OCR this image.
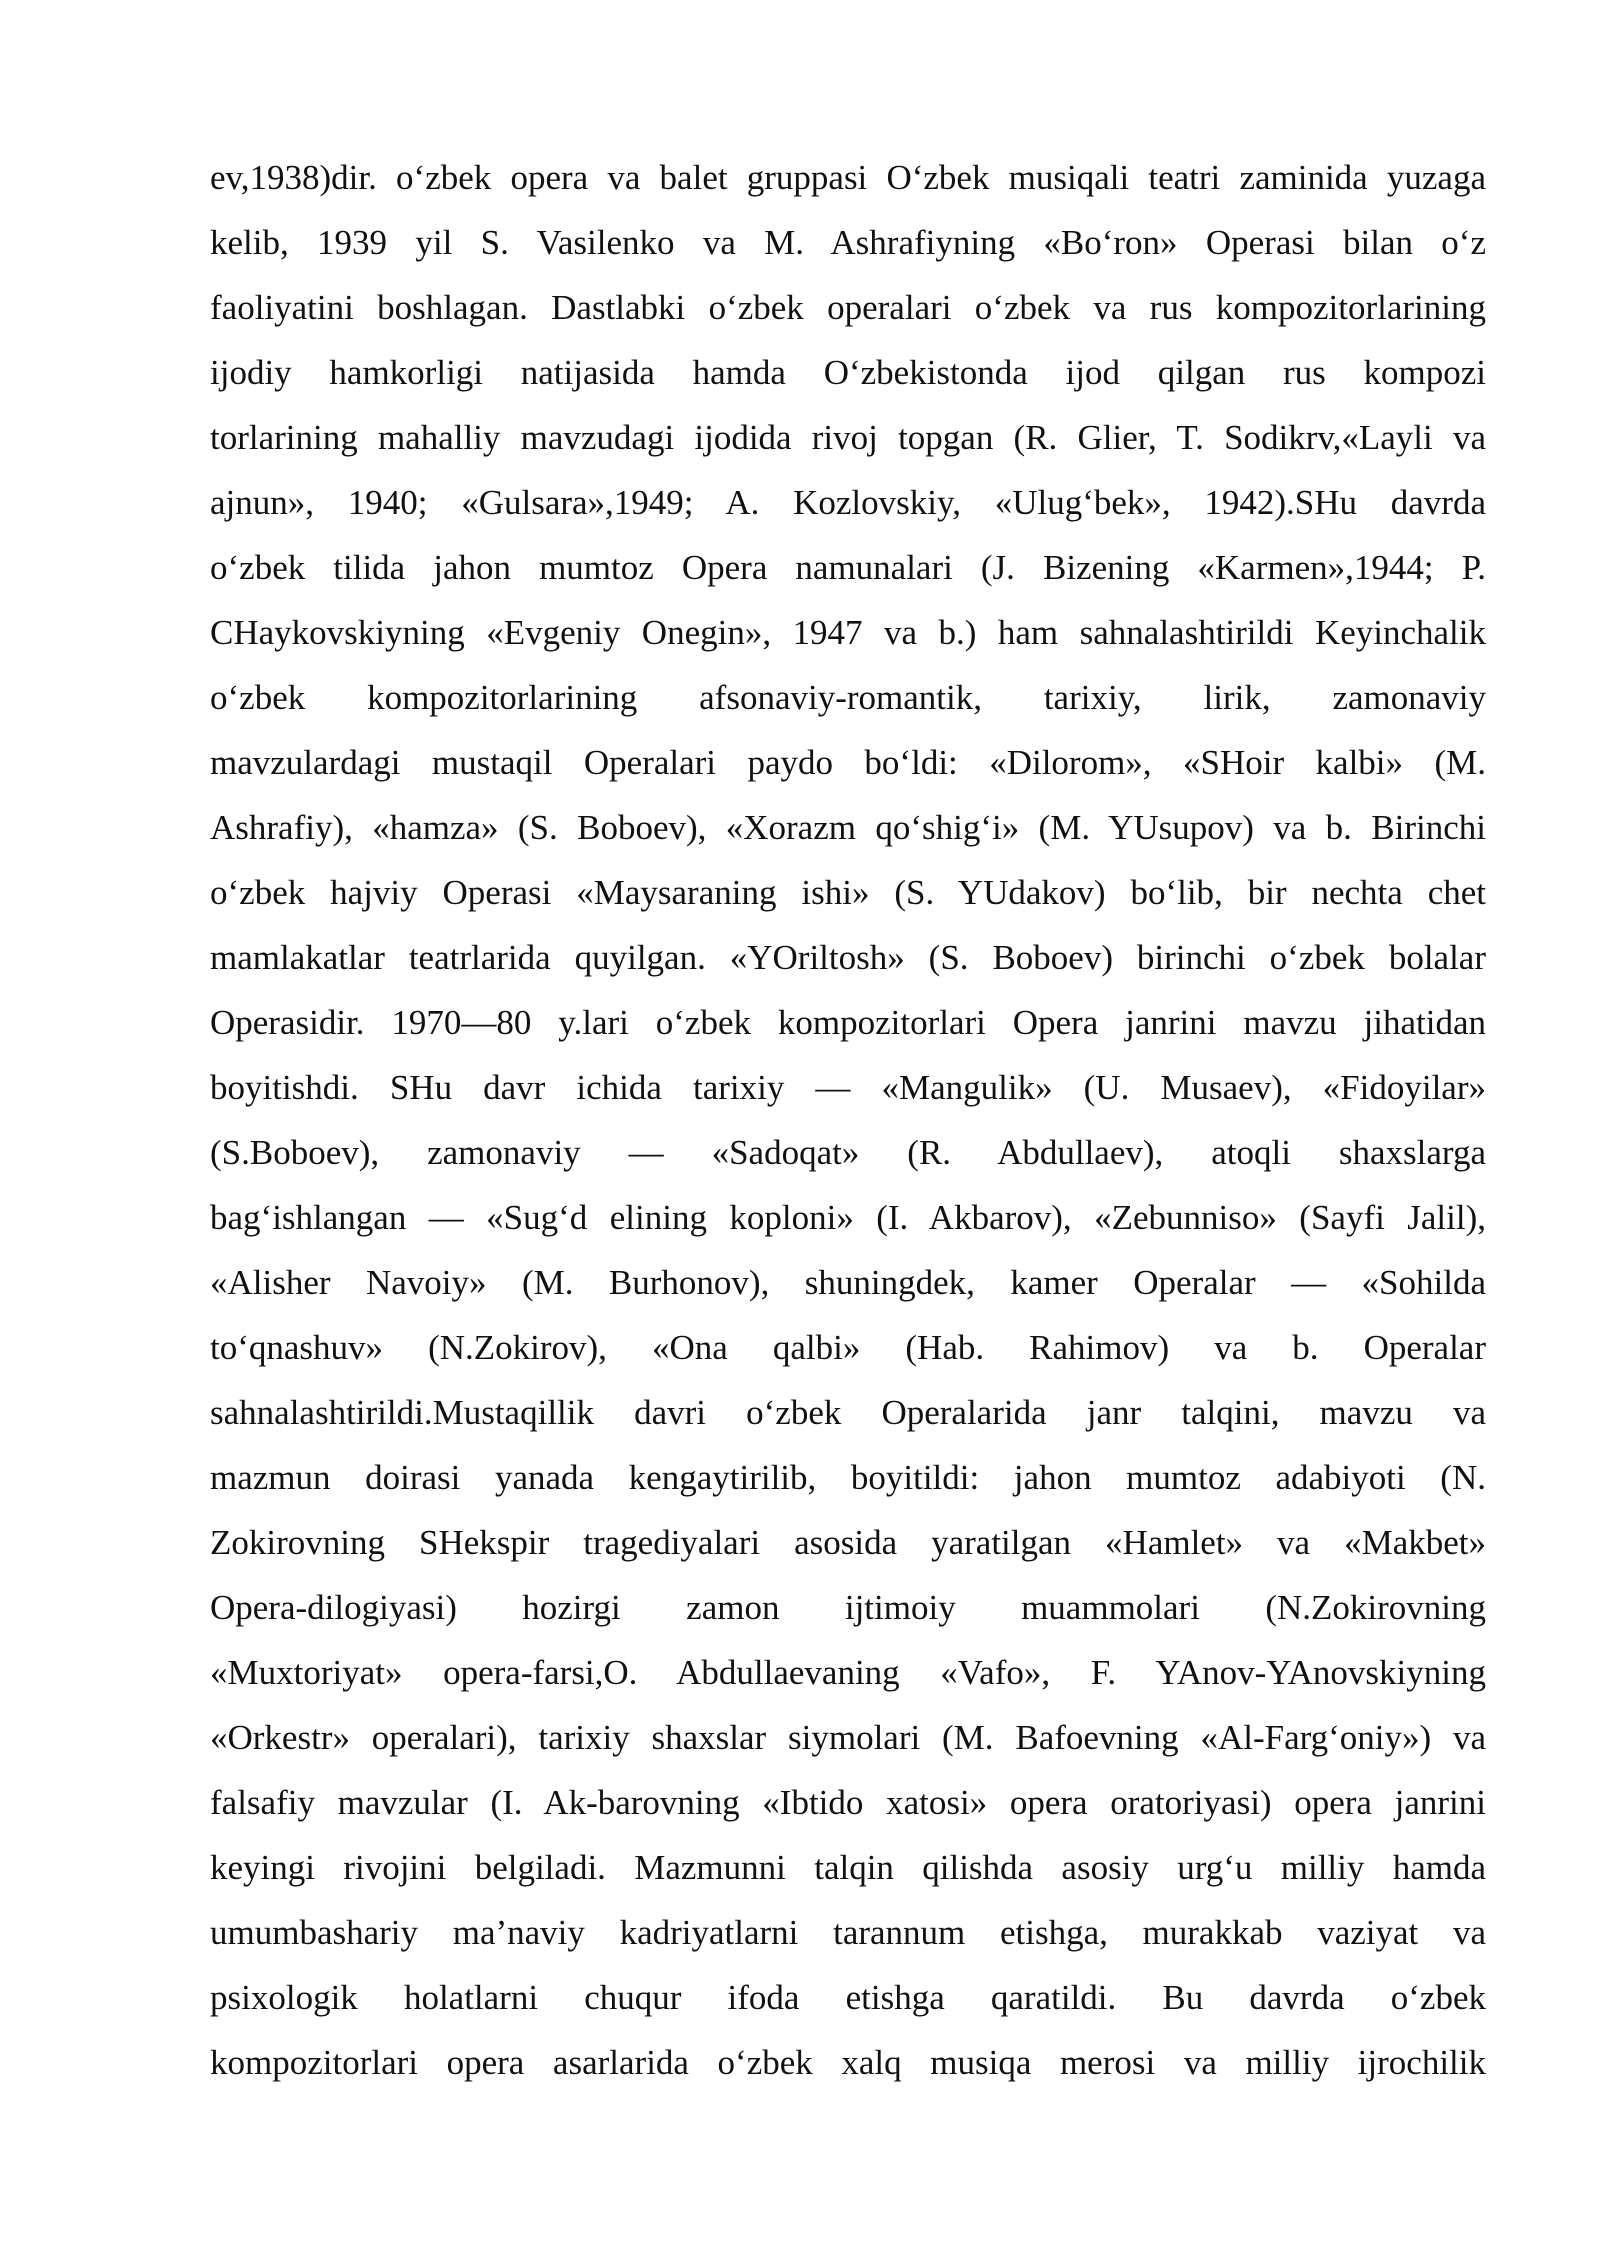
ev,1938)dir. o‘zbek opera va balet gruppasi O‘zbek musiqali teatri zaminida yuzaga
kelib, 1939 yil S. Vasilenko va M. Ashrafiyning «Bo‘ron» Operasi bilan o‘z
faoliyatini boshlagan. Dastlabki o‘zbek operalari o‘zbek va rus kompozitorlarining
ijodiy hamkorligi natijasida hamda O‘zbekistonda ijod qilgan rus kompozi
torlarining mahalliy mavzudagi ijodida rivoj topgan (R. Glier, T. Sodikrv,«Layli va
ajnun», 1940; «Gulsara»,1949; A. Kozlovskiy, «Ulug‘bek», 1942).SHu davrda
o‘zbek tilida jahon mumtoz Opera namunalari (J. Bizening «Karmen»,1944; P.
CHaykovskiyning «Evgeniy Onegin», 1947 va b.) ham sahnalashtirildi Keyinchalik
o‘zbek kompozitorlarining afsonaviy-romantik, tarixiy, lirik, zamonaviy
mavzulardagi mustaqil Operalari paydo bo‘ldi: «Dilorom», «SHoir kalbi» (M.
Ashrafiy), «hamza» (S. Boboev), «Xorazm qo‘shig‘i» (M. YUsupov) va b. Birinchi
o‘zbek hajviy Operasi «Maysaraning ishi» (S. YUdakov) bo‘lib, bir nechta chet
mamlakatlar teatrlarida quyilgan. «YOriltosh» (S. Boboev) birinchi o‘zbek bolalar
Operasidir. 1970—80 y.lari o‘zbek kompozitorlari Opera janrini mavzu jihatidan
boyitishdi. SHu davr ichida tarixiy — «Mangulik» (U. Musaev), «Fidoyilar»
(S.Boboev), zamonaviy — «Sadoqat» (R. Abdullaev), atoqli shaxslarga
bag‘ishlangan — «Sug‘d elining koploni» (I. Akbarov), «Zebunniso» (Sayfi Jalil),
«Alisher Navoiy» (M. Burhonov), shuningdek, kamer Operalar — «Sohilda
to‘qnashuv» (N.Zokirov), «Ona qalbi» (Hab. Rahimov) va b. Operalar
sahnalashtirildi.Mustaqillik davri o‘zbek Operalarida janr talqini, mavzu va
mazmun doirasi yanada kengaytirilib, boyitildi: jahon mumtoz adabiyoti (N.
Zokirovning SHekspir tragediyalari asosida yaratilgan «Hamlet» va «Makbet»
Opera-dilogiyasi) hozirgi zamon ijtimoiy muammolari (N.Zokirovning
«Muxtoriyat» opera-farsi,O. Abdullaevaning «Vafo», F. YAnov-YAnovskiyning
«Orkestr» operalari), tarixiy shaxslar siymolari (M. Bafoevning «Al-Farg‘oniy») va
falsafiy mavzular (I. Ak-barovning «Ibtido xatosi» opera oratoriyasi) opera janrini
keyingi rivojini belgiladi. Mazmunni talqin qilishda asosiy urg‘u milliy hamda
umumbashariy ma’naviy kadriyatlarni tarannum etishga, murakkab vaziyat va
psixologik holatlarni chuqur ifoda etishga qaratildi. Bu davrda o‘zbek
kompozitorlari opera asarlarida o‘zbek xalq musiqa merosi va milliy ijrochilik
